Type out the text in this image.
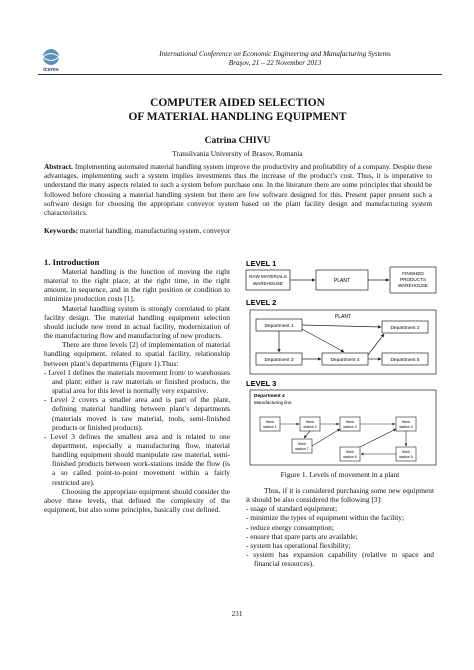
icems
International Conference on Economic Engineering and Manufacturing Systems
Braşov, 21 – 22 November 2013
COMPUTER AIDED SELECTION
OF MATERIAL HANDLING EQUIPMENT
Catrina CHIVU
Transilvania University of Brasov, Romania
Abstract. Implementing automated material handling system improve the productivity and profitability of a company. Despite these advantages, implementing such a system implies investments thus the increase of the product’s cost. Thus, it is imperative to understand the many aspects related to such a system before purchase one. In the literature there are some principles that should be followed before choosing a material handling system but there are few software designed for this. Present paper present such a software design for choosing the appropriate conveyor system based on the plant facility design and manufacturing system characteristics.
Keywords: material handling, manufacturing system, conveyor
1. Introduction

Material handling is the function of moving the right material to the right place, at the right time, in the right amount, in sequence, and in the right position or condition to minimize production costs [1].

Material handling system is strongly correlated to plant facility design. The material handling equipment selection should include new trend in actual facility, modernization of the manufacturing flow and manufacturing of new products.

There are three levels [2] of implementation of material handling equipment, related to spatial facility, relationship between plant’s departments (Figure 1).Thus:

- Level 1 defines the materials movement from/ to warehouses and plant; either is raw materials or finished products, the spatial area for this level is normally very expansive.
- Level 2 covers a smaller area and is part of the plant, defining material handling between plant’s departments (materials moved is raw material, tools, semi-finished products or finished products).
- Level 3 defines the smallest area and is related to one department, especially a manufacturing flow, material handling equipment should manipulate raw material, semi-finished products between work-stations inside the flow (is a so called point-to-point movement within a fairly restricted are).

Choosing the appropriate equipment should consider the above three levels, that defined the complexity of the equipment, but also some principles, basically cost defined.

LEVEL 1
RAW MATERIALS
WAREHOUSE	PLANT
FINISHED
PRODUCTS
WAREHOUSE
LEVEL 2
PLANT
Department 1	Department 2
Department 3	Department 4	Department 5
LEVEL 3
Department 4
Manufacturing line
Work
station 1
Work
station 2
Work
station 3
Work
station 4
Work
station 5
Work
station 6
Work
station 7
Figure 1. Levels of movement in a plant

Thus, if it is considered purchasing some new equipment it should be also considered the following [3]:

- usage of standard equipment;
- minimize the types of equipment within the facility;
- reduce energy consumption;
- ensure that spare parts are available;
- system has operational flexibility;
- system has expansion capability (relative to space and financial resources).
231
